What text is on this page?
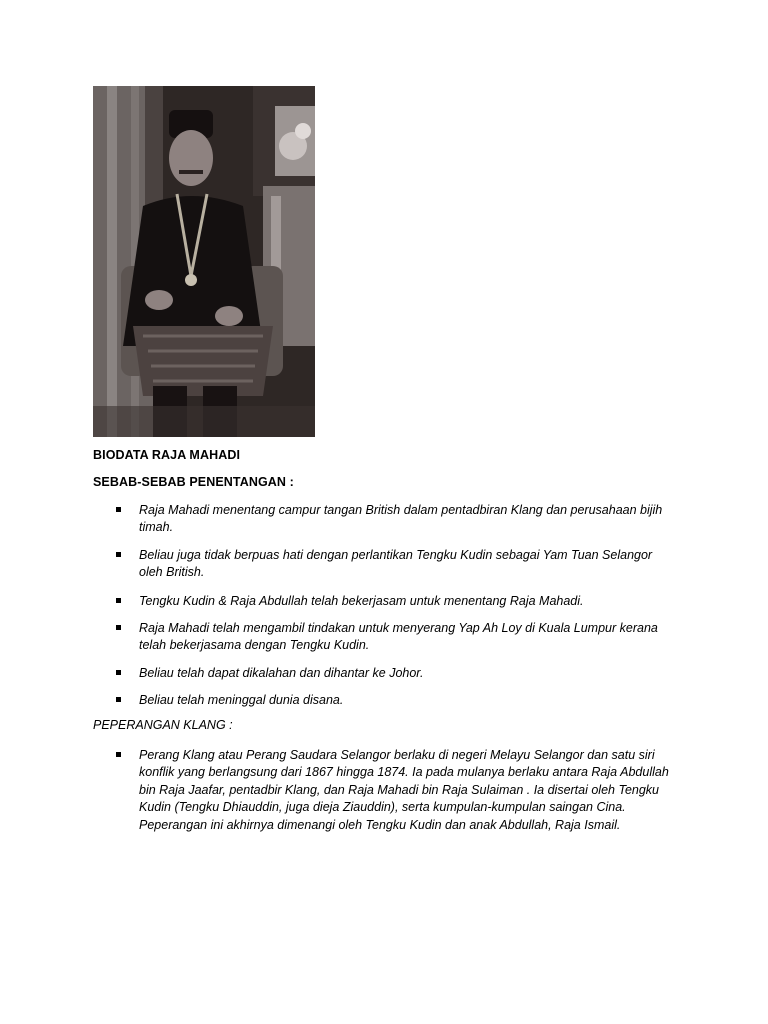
BIODATA RAJA MAHADI
SEBAB-SEBAB PENENTANGAN :
Raja Mahadi menentang campur tangan British dalam pentadbiran Klang dan perusahaan bijih timah.
Beliau juga tidak berpuas hati dengan perlantikan Tengku Kudin sebagai Yam Tuan Selangor oleh British.
Tengku Kudin & Raja Abdullah telah bekerjasam untuk menentang Raja Mahadi.
Raja Mahadi telah mengambil tindakan untuk menyerang Yap Ah Loy di Kuala Lumpur kerana telah bekerjasama dengan Tengku Kudin.
Beliau telah dapat dikalahan dan dihantar ke Johor.
Beliau telah meninggal dunia disana.
PEPERANGAN KLANG :
Perang Klang atau Perang Saudara Selangor berlaku di negeri Melayu Selangor dan satu siri konflik yang berlangsung dari 1867 hingga 1874. Ia pada mulanya berlaku antara Raja Abdullah bin Raja Jaafar, pentadbir Klang, dan Raja Mahadi bin Raja Sulaiman . Ia disertai oleh Tengku Kudin (Tengku Dhiauddin, juga dieja Ziauddin), serta kumpulan-kumpulan saingan Cina. Peperangan ini akhirnya dimenangi oleh Tengku Kudin dan anak Abdullah, Raja Ismail.
